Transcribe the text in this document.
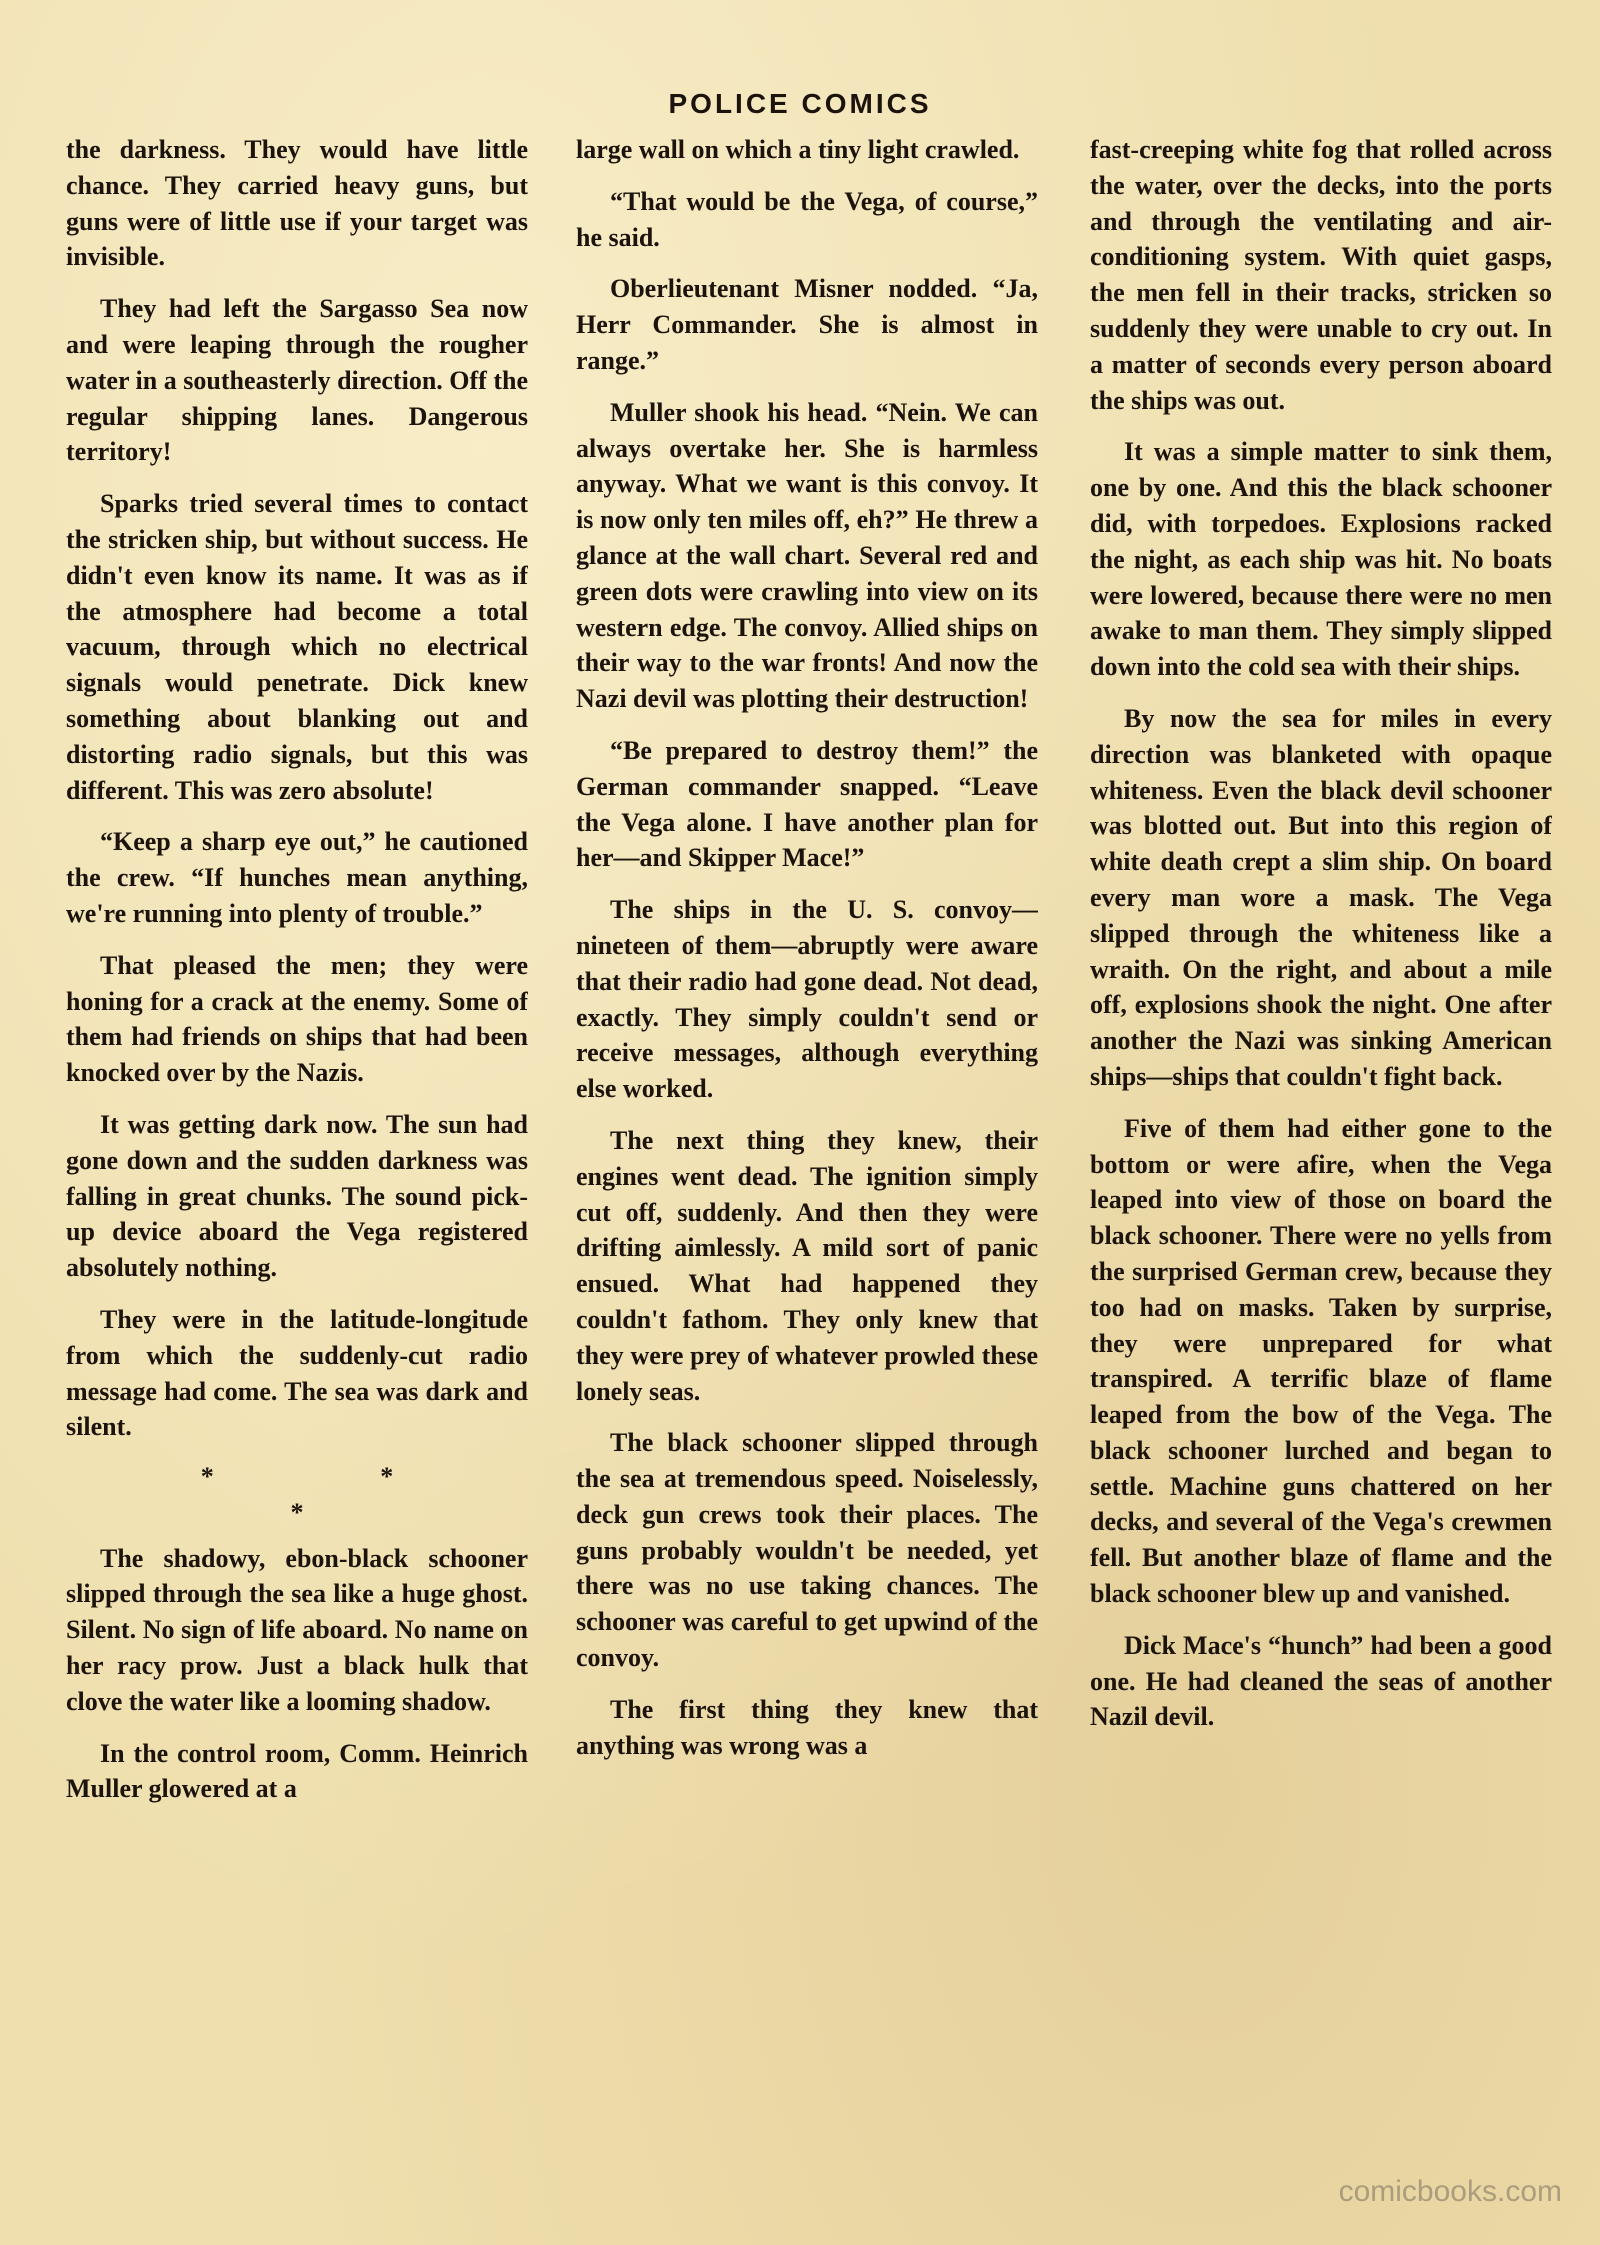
POLICE COMICS

the darkness. They would have little chance. They carried heavy guns, but guns were of little use if your target was invisible.

They had left the Sargasso Sea now and were leaping through the rougher water in a southeasterly direction. Off the regular shipping lanes. Dangerous territory!

Sparks tried several times to contact the stricken ship, but without success. He didn't even know its name. It was as if the atmosphere had become a total vacuum, through which no electrical signals would penetrate. Dick knew something about blanking out and distorting radio signals, but this was different. This was zero absolute!

“Keep a sharp eye out,” he cautioned the crew. “If hunches mean anything, we're running into plenty of trouble.”

That pleased the men; they were honing for a crack at the enemy. Some of them had friends on ships that had been knocked over by the Nazis.

It was getting dark now. The sun had gone down and the sudden darkness was falling in great chunks. The sound pick-up device aboard the Vega registered absolutely nothing.

They were in the latitude-longitude from which the suddenly-cut radio message had come. The sea was dark and silent.

* * *

The shadowy, ebon-black schooner slipped through the sea like a huge ghost. Silent. No sign of life aboard. No name on her racy prow. Just a black hulk that clove the water like a looming shadow.

In the control room, Comm. Heinrich Muller glowered at a

large wall on which a tiny light crawled.

“That would be the Vega, of course,” he said.

Oberlieutenant Misner nodded. “Ja, Herr Commander. She is almost in range.”

Muller shook his head. “Nein. We can always overtake her. She is harmless anyway. What we want is this convoy. It is now only ten miles off, eh?” He threw a glance at the wall chart. Several red and green dots were crawling into view on its western edge. The convoy. Allied ships on their way to the war fronts! And now the Nazi devil was plotting their destruction!

“Be prepared to destroy them!” the German commander snapped. “Leave the Vega alone. I have another plan for her—and Skipper Mace!”

The ships in the U. S. convoy—nineteen of them—abruptly were aware that their radio had gone dead. Not dead, exactly. They simply couldn't send or receive messages, although everything else worked.

The next thing they knew, their engines went dead. The ignition simply cut off, suddenly. And then they were drifting aimlessly. A mild sort of panic ensued. What had happened they couldn't fathom. They only knew that they were prey of whatever prowled these lonely seas.

The black schooner slipped through the sea at tremendous speed. Noiselessly, deck gun crews took their places. The guns probably wouldn't be needed, yet there was no use taking chances. The schooner was careful to get upwind of the convoy.

The first thing they knew that anything was wrong was a

fast-creeping white fog that rolled across the water, over the decks, into the ports and through the ventilating and air-conditioning system. With quiet gasps, the men fell in their tracks, stricken so suddenly they were unable to cry out. In a matter of seconds every person aboard the ships was out.

It was a simple matter to sink them, one by one. And this the black schooner did, with torpedoes. Explosions racked the night, as each ship was hit. No boats were lowered, because there were no men awake to man them. They simply slipped down into the cold sea with their ships.

By now the sea for miles in every direction was blanketed with opaque whiteness. Even the black devil schooner was blotted out. But into this region of white death crept a slim ship. On board every man wore a mask. The Vega slipped through the whiteness like a wraith. On the right, and about a mile off, explosions shook the night. One after another the Nazi was sinking American ships—ships that couldn't fight back.

Five of them had either gone to the bottom or were afire, when the Vega leaped into view of those on board the black schooner. There were no yells from the surprised German crew, because they too had on masks. Taken by surprise, they were unprepared for what transpired. A terrific blaze of flame leaped from the bow of the Vega. The black schooner lurched and began to settle. Machine guns chattered on her decks, and several of the Vega's crewmen fell. But another blaze of flame and the black schooner blew up and vanished.

Dick Mace's “hunch” had been a good one. He had cleaned the seas of another Nazil devil.

comicbooks.com
